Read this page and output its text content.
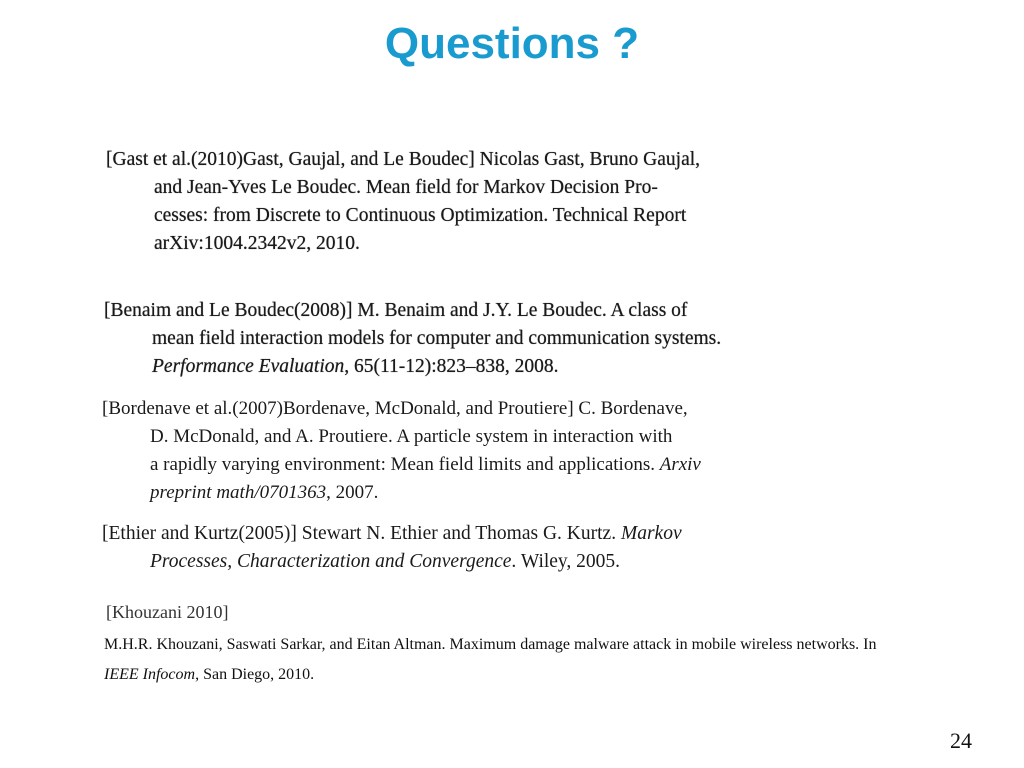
Questions ?
[Gast et al.(2010)Gast, Gaujal, and Le Boudec] Nicolas Gast, Bruno Gaujal,
and Jean-Yves Le Boudec. Mean field for Markov Decision Pro-
cesses: from Discrete to Continuous Optimization. Technical Report
arXiv:1004.2342v2, 2010.
[Benaim and Le Boudec(2008)] M. Benaim and J.Y. Le Boudec. A class of
mean field interaction models for computer and communication systems.
Performance Evaluation, 65(11-12):823–838, 2008.
[Bordenave et al.(2007)Bordenave, McDonald, and Proutiere] C. Bordenave,
D. McDonald, and A. Proutiere. A particle system in interaction with
a rapidly varying environment: Mean field limits and applications. Arxiv
preprint math/0701363, 2007.
[Ethier and Kurtz(2005)] Stewart N. Ethier and Thomas G. Kurtz. Markov
Processes, Characterization and Convergence. Wiley, 2005.
[Khouzani 2010]
M.H.R. Khouzani, Saswati Sarkar, and Eitan Altman. Maximum damage malware attack in mobile wireless networks. In
IEEE Infocom, San Diego, 2010.
24
